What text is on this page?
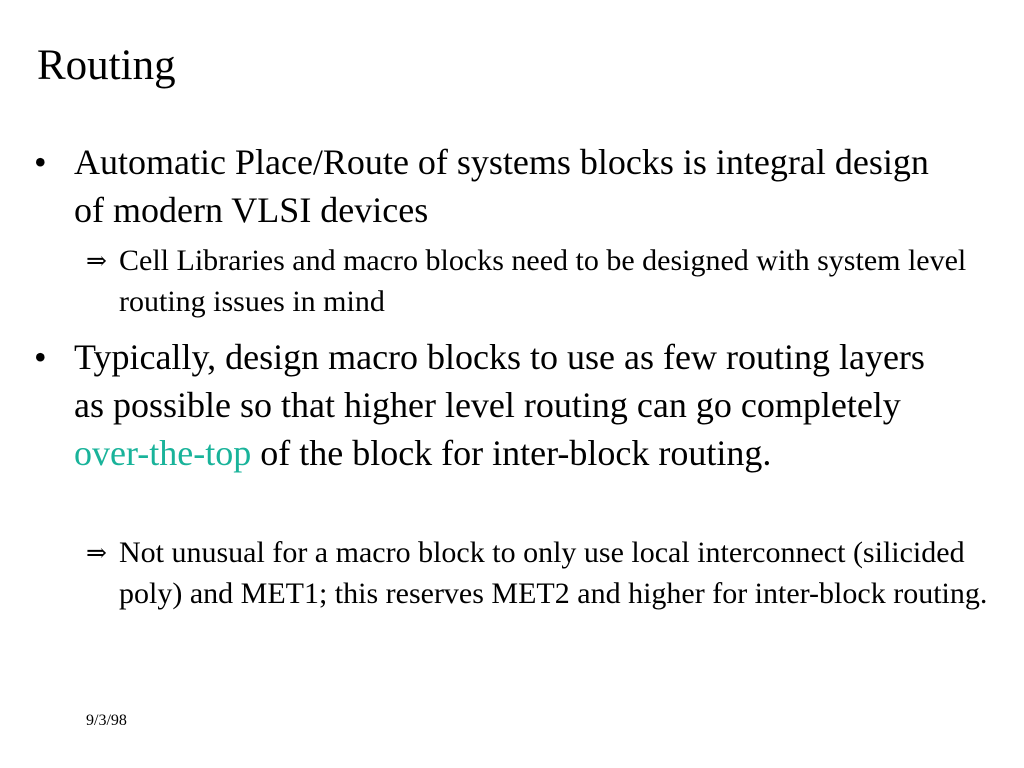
Routing
• Automatic Place/Route of systems blocks is integral design of modern VLSI devices
⇒ Cell Libraries and macro blocks need to be designed with system level routing issues in mind
• Typically, design macro blocks to use as few routing layers as possible so that higher level routing can go completely over-the-top of the block for inter-block routing.
⇒ Not unusual for a macro block to only use local interconnect (silicided poly) and MET1; this reserves MET2 and higher for inter-block routing.
9/3/98
